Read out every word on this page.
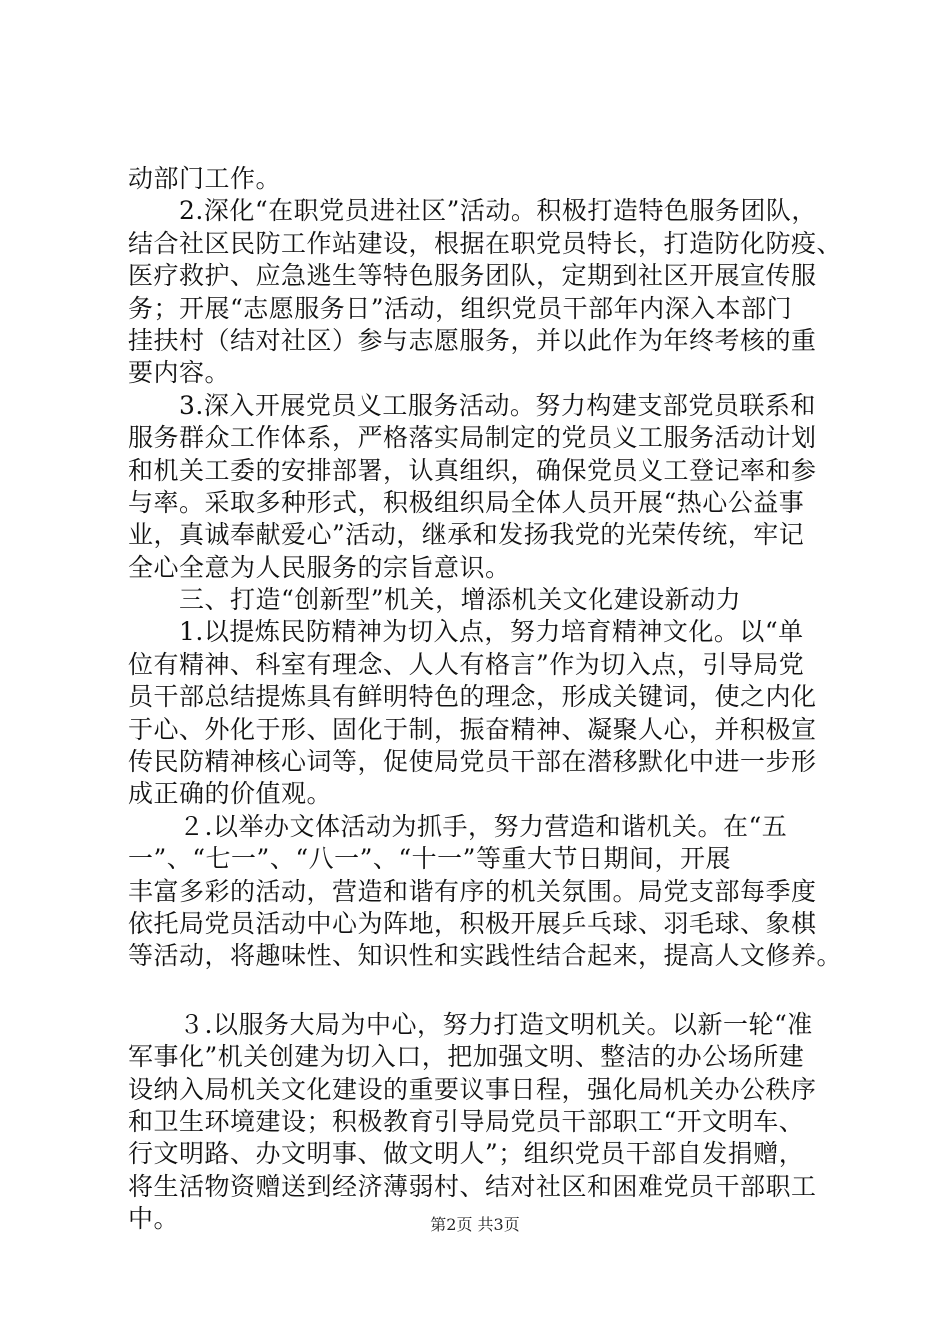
动部门工作。
　　2.深化“在职党员进社区”活动。积极打造特色服务团队，
结合社区民防工作站建设，根据在职党员特长，打造防化防疫、
医疗救护、应急逃生等特色服务团队，定期到社区开展宣传服
务；开展“志愿服务日”活动，组织党员干部年内深入本部门
挂扶村（结对社区）参与志愿服务，并以此作为年终考核的重
要内容。
　　3.深入开展党员义工服务活动。努力构建支部党员联系和
服务群众工作体系，严格落实局制定的党员义工服务活动计划
和机关工委的安排部署，认真组织，确保党员义工登记率和参
与率。采取多种形式，积极组织局全体人员开展“热心公益事
业，真诚奉献爱心”活动，继承和发扬我党的光荣传统，牢记
全心全意为人民服务的宗旨意识。
　　三、打造“创新型”机关，增添机关文化建设新动力
　　1.以提炼民防精神为切入点，努力培育精神文化。以“单
位有精神、科室有理念、人人有格言”作为切入点，引导局党
员干部总结提炼具有鲜明特色的理念，形成关键词，使之内化
于心、外化于形、固化于制，振奋精神、凝聚人心，并积极宣
传民防精神核心词等，促使局党员干部在潜移默化中进一步形
成正确的价值观。
　　２.以举办文体活动为抓手，努力营造和谐机关。在“五
一”、“七一”、“八一”、“十一”等重大节日期间，开展
丰富多彩的活动，营造和谐有序的机关氛围。局党支部每季度
依托局党员活动中心为阵地，积极开展乒乓球、羽毛球、象棋
等活动，将趣味性、知识性和实践性结合起来，提高人文修养。
　　３.以服务大局为中心，努力打造文明机关。以新一轮“准
军事化”机关创建为切入口，把加强文明、整洁的办公场所建
设纳入局机关文化建设的重要议事日程，强化局机关办公秩序
和卫生环境建设；积极教育引导局党员干部职工“开文明车、
行文明路、办文明事、做文明人”；组织党员干部自发捐赠，
将生活物资赠送到经济薄弱村、结对社区和困难党员干部职工
中。	第2页 共3页
